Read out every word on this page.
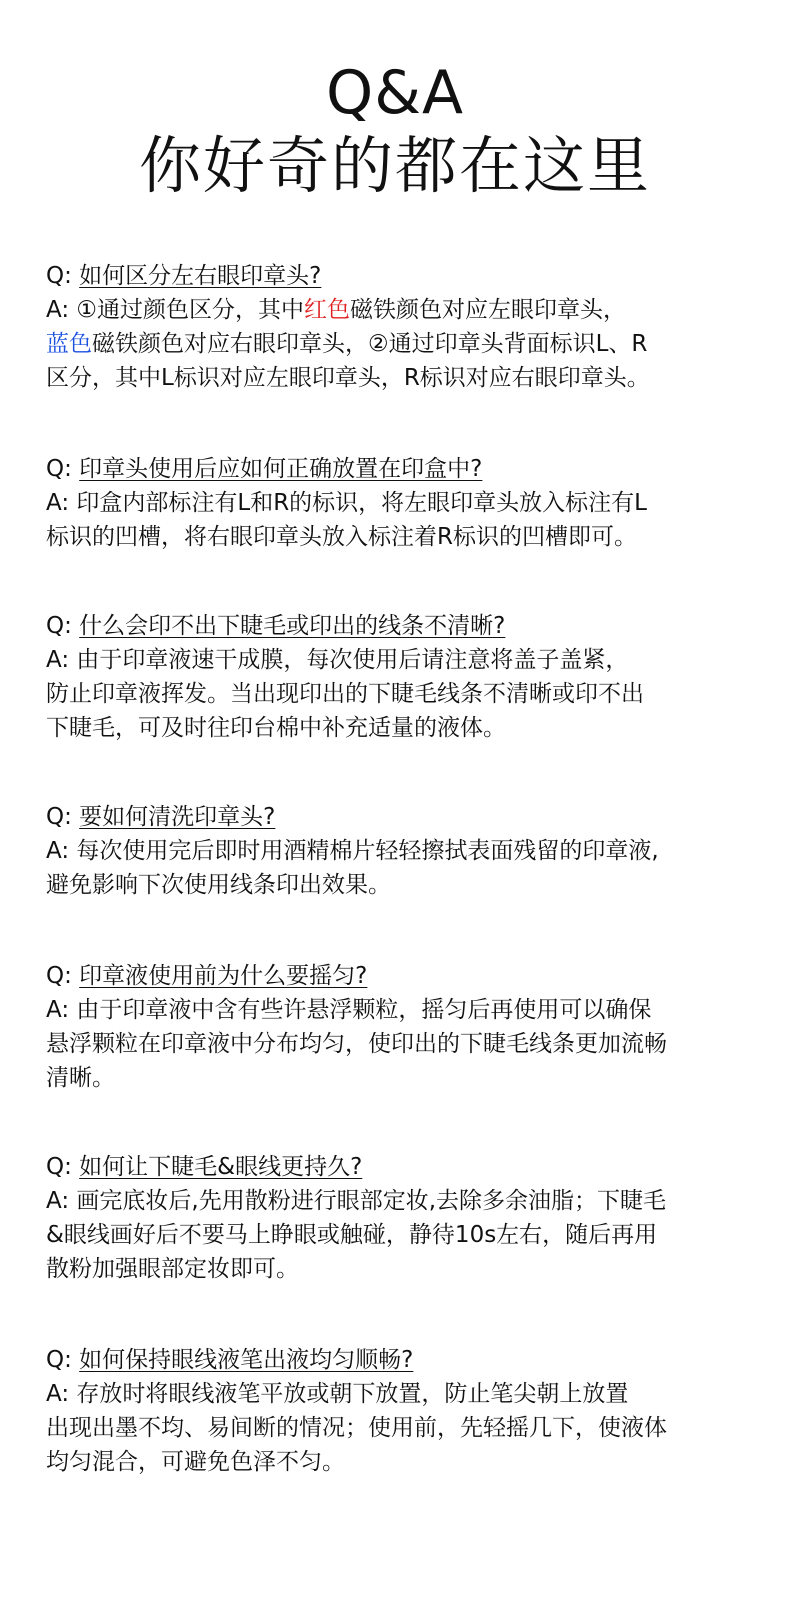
Q&A
你好奇的都在这里
Q: 如何区分左右眼印章头?
A: ①通过颜色区分，其中红色磁铁颜色对应左眼印章头，
蓝色磁铁颜色对应右眼印章头，②通过印章头背面标识L、R
区分，其中L标识对应左眼印章头，R标识对应右眼印章头。
Q: 印章头使用后应如何正确放置在印盒中?
A: 印盒内部标注有L和R的标识，将左眼印章头放入标注有L
标识的凹槽，将右眼印章头放入标注着R标识的凹槽即可。
Q: 什么会印不出下睫毛或印出的线条不清晰?
A: 由于印章液速干成膜，每次使用后请注意将盖子盖紧，
防止印章液挥发。当出现印出的下睫毛线条不清晰或印不出
下睫毛，可及时往印台棉中补充适量的液体。
Q: 要如何清洗印章头?
A: 每次使用完后即时用酒精棉片轻轻擦拭表面残留的印章液,
避免影响下次使用线条印出效果。
Q: 印章液使用前为什么要摇匀?
A: 由于印章液中含有些许悬浮颗粒，摇匀后再使用可以确保
悬浮颗粒在印章液中分布均匀，使印出的下睫毛线条更加流畅
清晰。
Q: 如何让下睫毛&眼线更持久?
A: 画完底妆后,先用散粉进行眼部定妆,去除多余油脂；下睫毛
&眼线画好后不要马上睁眼或触碰，静待10s左右，随后再用
散粉加强眼部定妆即可。
Q: 如何保持眼线液笔出液均匀顺畅?
A: 存放时将眼线液笔平放或朝下放置，防止笔尖朝上放置
出现出墨不均、易间断的情况；使用前，先轻摇几下，使液体
均匀混合，可避免色泽不匀。
